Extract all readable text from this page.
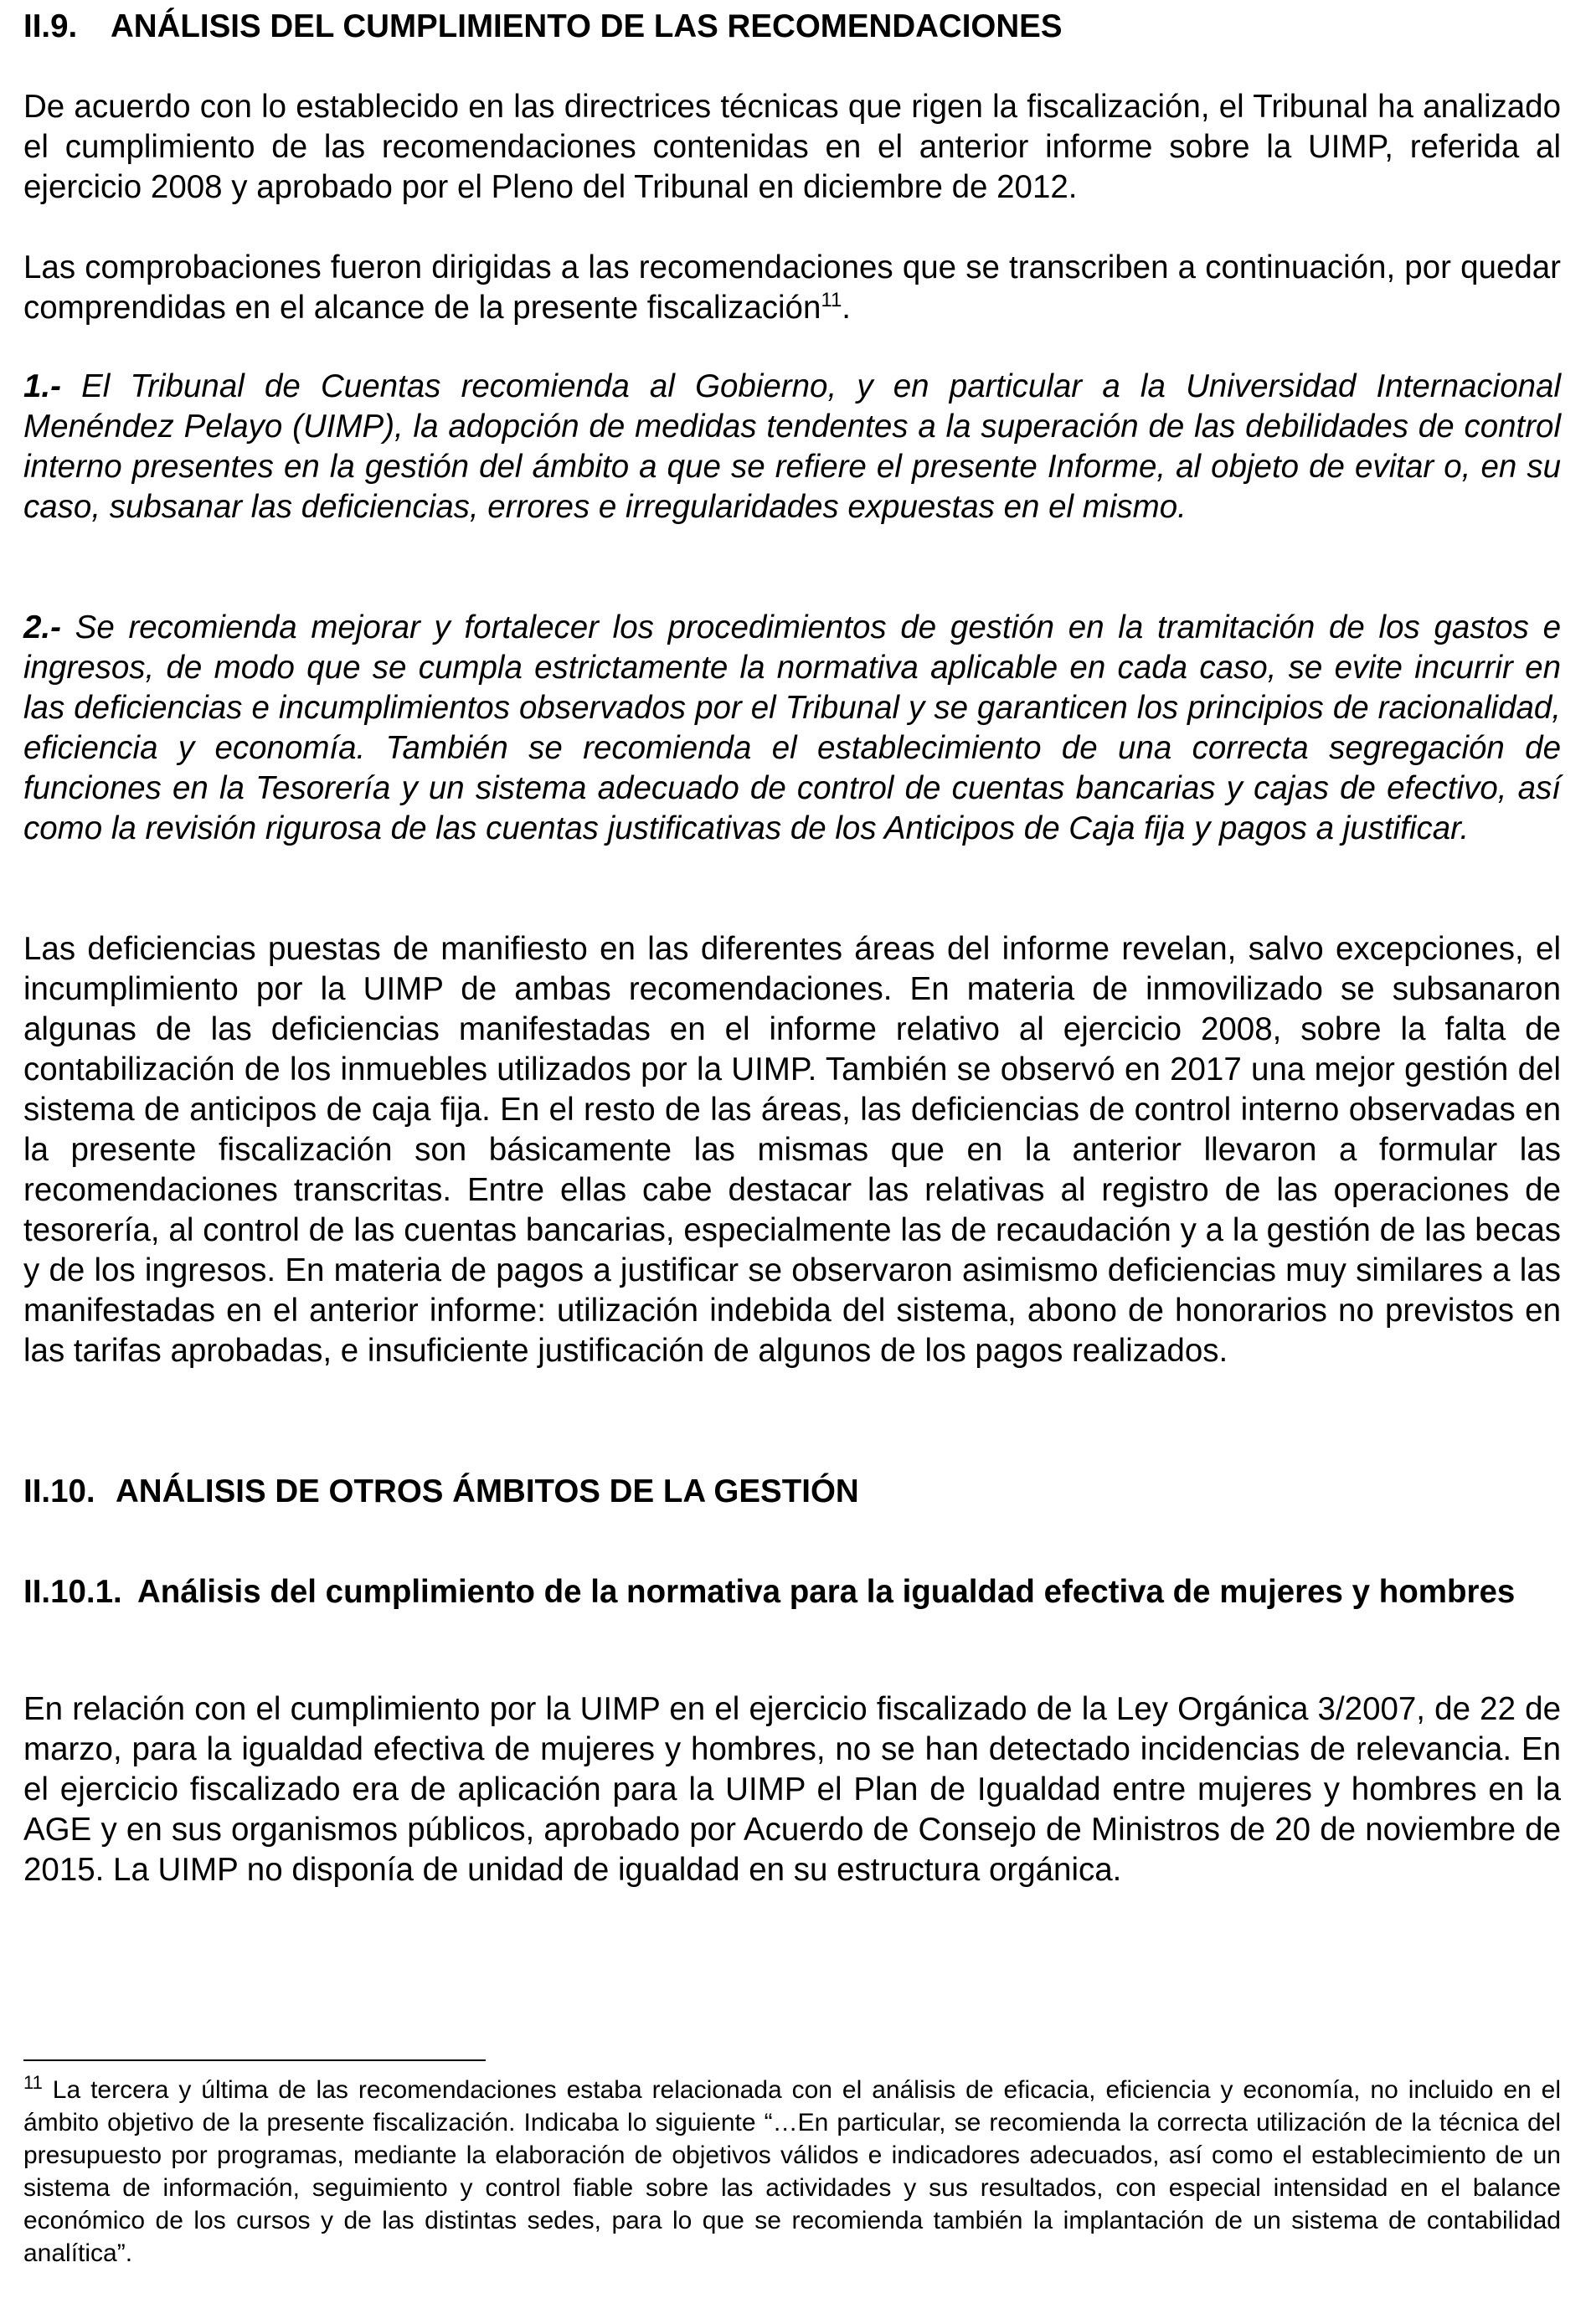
II.9. ANÁLISIS DEL CUMPLIMIENTO DE LAS RECOMENDACIONES

De acuerdo con lo establecido en las directrices técnicas que rigen la fiscalización, el Tribunal ha analizado el cumplimiento de las recomendaciones contenidas en el anterior informe sobre la UIMP, referida al ejercicio 2008 y aprobado por el Pleno del Tribunal en diciembre de 2012.

Las comprobaciones fueron dirigidas a las recomendaciones que se transcriben a continuación, por quedar comprendidas en el alcance de la presente fiscalización$^{11}$.

1.- El Tribunal de Cuentas recomienda al Gobierno, y en particular a la Universidad Internacional Menéndez Pelayo (UIMP), la adopción de medidas tendentes a la superación de las debilidades de control interno presentes en la gestión del ámbito a que se refiere el presente Informe, al objeto de evitar o, en su caso, subsanar las deficiencias, errores e irregularidades expuestas en el mismo.

2.- Se recomienda mejorar y fortalecer los procedimientos de gestión en la tramitación de los gastos e ingresos, de modo que se cumpla estrictamente la normativa aplicable en cada caso, se evite incurrir en las deficiencias e incumplimientos observados por el Tribunal y se garanticen los principios de racionalidad, eficiencia y economía. También se recomienda el establecimiento de una correcta segregación de funciones en la Tesorería y un sistema adecuado de control de cuentas bancarias y cajas de efectivo, así como la revisión rigurosa de las cuentas justificativas de los Anticipos de Caja fija y pagos a justificar.

Las deficiencias puestas de manifiesto en las diferentes áreas del informe revelan, salvo excepciones, el incumplimiento por la UIMP de ambas recomendaciones. En materia de inmovilizado se subsanaron algunas de las deficiencias manifestadas en el informe relativo al ejercicio 2008, sobre la falta de contabilización de los inmuebles utilizados por la UIMP. También se observó en 2017 una mejor gestión del sistema de anticipos de caja fija. En el resto de las áreas, las deficiencias de control interno observadas en la presente fiscalización son básicamente las mismas que en la anterior llevaron a formular las recomendaciones transcritas. Entre ellas cabe destacar las relativas al registro de las operaciones de tesorería, al control de las cuentas bancarias, especialmente las de recaudación y a la gestión de las becas y de los ingresos. En materia de pagos a justificar se observaron asimismo deficiencias muy similares a las manifestadas en el anterior informe: utilización indebida del sistema, abono de honorarios no previstos en las tarifas aprobadas, e insuficiente justificación de algunos de los pagos realizados.

II.10. ANÁLISIS DE OTROS ÁMBITOS DE LA GESTIÓN
II.10.1. Análisis del cumplimiento de la normativa para la igualdad efectiva de mujeres y hombres

En relación con el cumplimiento por la UIMP en el ejercicio fiscalizado de la Ley Orgánica 3/2007, de 22 de marzo, para la igualdad efectiva de mujeres y hombres, no se han detectado incidencias de relevancia. En el ejercicio fiscalizado era de aplicación para la UIMP el Plan de Igualdad entre mujeres y hombres en la AGE y en sus organismos públicos, aprobado por Acuerdo de Consejo de Ministros de 20 de noviembre de 2015. La UIMP no disponía de unidad de igualdad en su estructura orgánica.

$^{11}$ La tercera y última de las recomendaciones estaba relacionada con el análisis de eficacia, eficiencia y economía, no incluido en el ámbito objetivo de la presente fiscalización. Indicaba lo siguiente “…En particular, se recomienda la correcta utilización de la técnica del presupuesto por programas, mediante la elaboración de objetivos válidos e indicadores adecuados, así como el establecimiento de un sistema de información, seguimiento y control fiable sobre las actividades y sus resultados, con especial intensidad en el balance económico de los cursos y de las distintas sedes, para lo que se recomienda también la implantación de un sistema de contabilidad analítica”.
